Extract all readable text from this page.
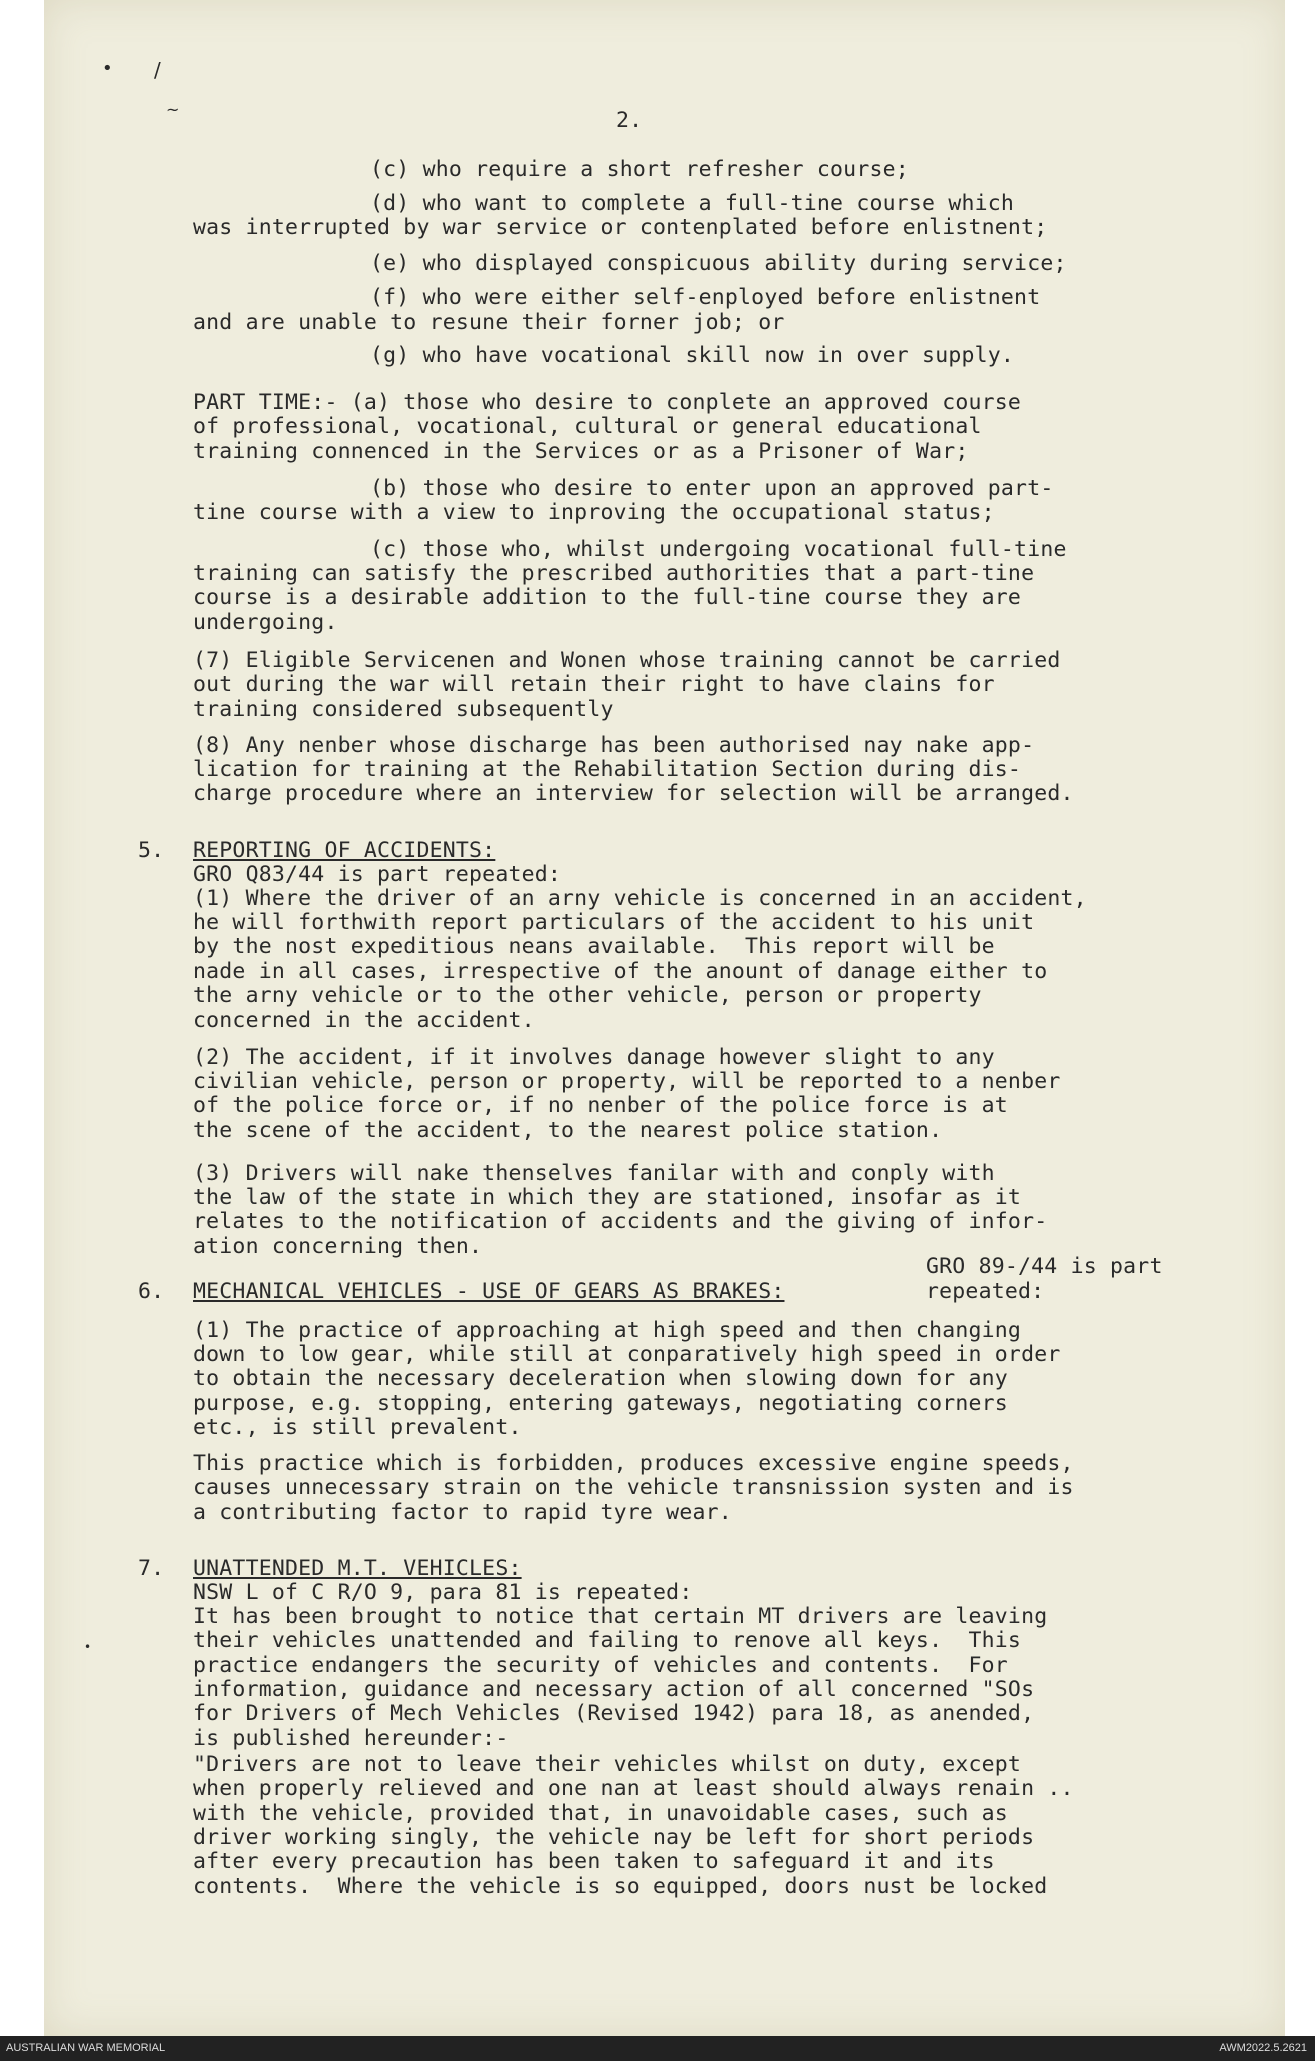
• /
~
•

2.

(c) who require a short refresher course;

(d) who want to complete a full-tine course which

was interrupted by war service or contenplated before enlistnent;

(e) who displayed conspicuous ability during service;

(f) who were either self-enployed before enlistnent

and are unable to resune their forner job; or

(g) who have vocational skill now in over supply.

PART TIME:- (a) those who desire to conplete an approved course

of professional, vocational, cultural or general educational

training connenced in the Services or as a Prisoner of War;

(b) those who desire to enter upon an approved part-

tine course with a view to inproving the occupational status;

(c) those who, whilst undergoing vocational full-tine

training can satisfy the prescribed authorities that a part-tine

course is a desirable addition to the full-tine course they are

undergoing.

(7) Eligible Servicenen and Wonen whose training cannot be carried

out during the war will retain their right to have clains for

training considered subsequently

(8) Any nenber whose discharge has been authorised nay nake app-

lication for training at the Rehabilitation Section during dis-

charge procedure where an interview for selection will be arranged.

5. REPORTING OF ACCIDENTS:

GRO Q83/44 is part repeated:

(1) Where the driver of an arny vehicle is concerned in an accident,

he will forthwith report particulars of the accident to his unit

by the nost expeditious neans available.  This report will be

nade in all cases, irrespective of the anount of danage either to

the arny vehicle or to the other vehicle, person or property

concerned in the accident.

(2) The accident, if it involves danage however slight to any

civilian vehicle, person or property, will be reported to a nenber

of the police force or, if no nenber of the police force is at

the scene of the accident, to the nearest police station.

(3) Drivers will nake thenselves fanilar with and conply with

the law of the state in which they are stationed, insofar as it

relates to the notification of accidents and the giving of infor-

ation concerning then.

GRO 89-/44 is part

6. MECHANICAL VEHICLES - USE OF GEARS AS BRAKES:	repeated:

(1) The practice of approaching at high speed and then changing

down to low gear, while still at conparatively high speed in order

to obtain the necessary deceleration when slowing down for any

purpose, e.g. stopping, entering gateways, negotiating corners

etc., is still prevalent.

This practice which is forbidden, produces excessive engine speeds,

causes unnecessary strain on the vehicle transnission systen and is

a contributing factor to rapid tyre wear.

7. UNATTENDED M.T. VEHICLES:

NSW L of C R/O 9, para 81 is repeated:

It has been brought to notice that certain MT drivers are leaving

their vehicles unattended and failing to renove all keys.  This

practice endangers the security of vehicles and contents.  For

information, guidance and necessary action of all concerned "SOs

for Drivers of Mech Vehicles (Revised 1942) para 18, as anended,

is published hereunder:-

"Drivers are not to leave their vehicles whilst on duty, except

when properly relieved and one nan at least should always renain ..

with the vehicle, provided that, in unavoidable cases, such as

driver working singly, the vehicle nay be left for short periods

after every precaution has been taken to safeguard it and its

contents.  Where the vehicle is so equipped, doors nust be locked

AUSTRALIAN WAR MEMORIAL	AWM2022.5.2621
